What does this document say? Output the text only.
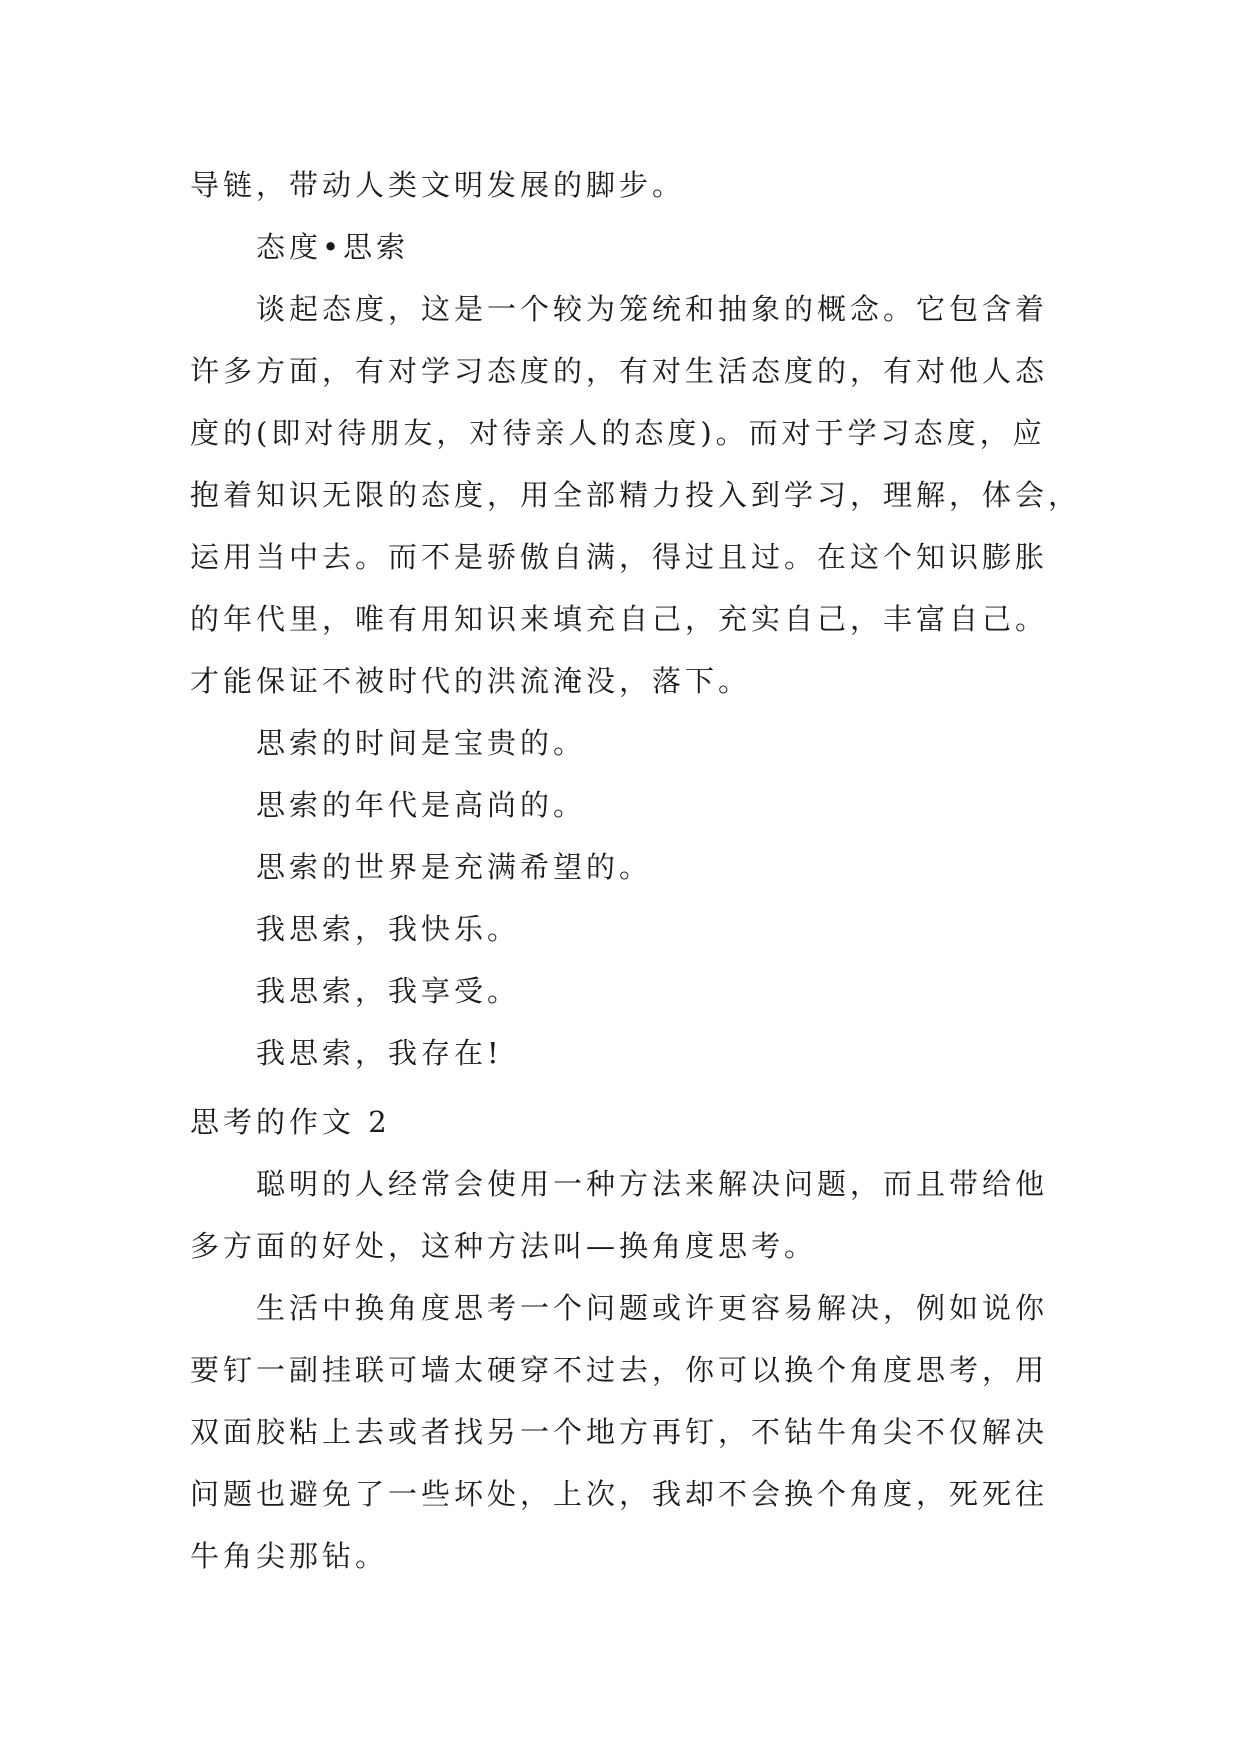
导链，带动人类文明发展的脚步。
态度•思索
谈起态度，这是一个较为笼统和抽象的概念。它包含着
许多方面，有对学习态度的，有对生活态度的，有对他人态
度的(即对待朋友，对待亲人的态度)。而对于学习态度，应
抱着知识无限的态度，用全部精力投入到学习，理解，体会，
运用当中去。而不是骄傲自满，得过且过。在这个知识膨胀
的年代里，唯有用知识来填充自己，充实自己，丰富自己。
才能保证不被时代的洪流淹没，落下。
思索的时间是宝贵的。
思索的年代是高尚的。
思索的世界是充满希望的。
我思索，我快乐。
我思索，我享受。
我思索，我存在!
思考的作文 2
聪明的人经常会使用一种方法来解决问题，而且带给他
多方面的好处，这种方法叫—换角度思考。
生活中换角度思考一个问题或许更容易解决，例如说你
要钉一副挂联可墙太硬穿不过去，你可以换个角度思考，用
双面胶粘上去或者找另一个地方再钉，不钻牛角尖不仅解决
问题也避免了一些坏处，上次，我却不会换个角度，死死往
牛角尖那钻。
